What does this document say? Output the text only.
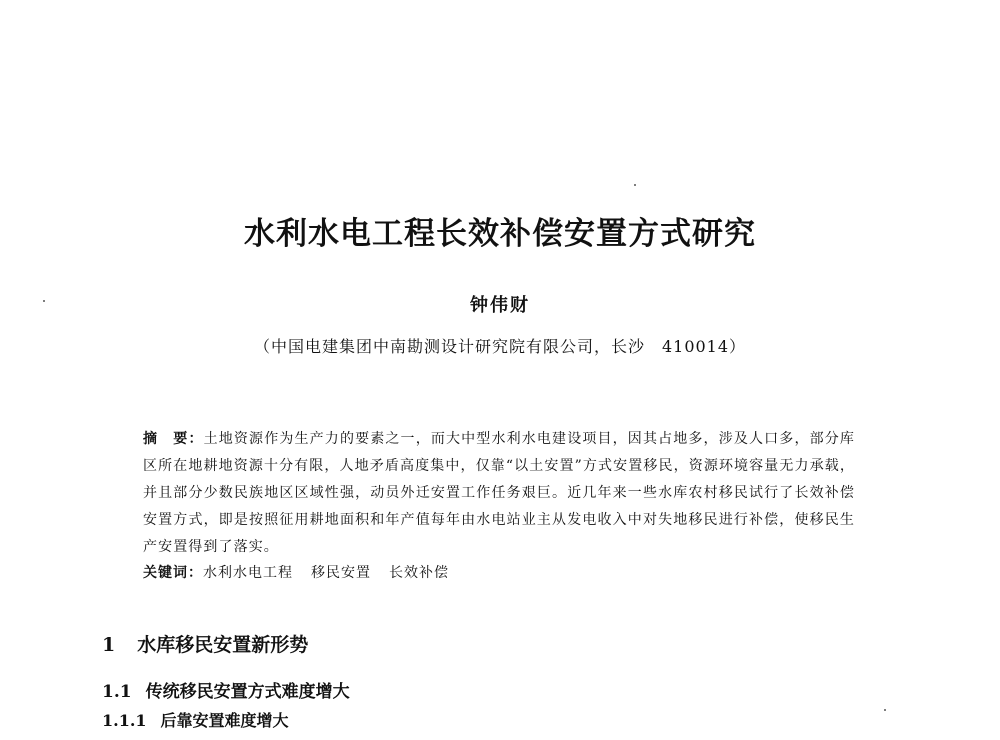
水利水电工程长效补偿安置方式研究
钟伟财
（中国电建集团中南勘测设计研究院有限公司，长沙　410014）
摘　要：土地资源作为生产力的要素之一，而大中型水利水电建设项目，因其占地多，涉及人口多，部分库区所在地耕地资源十分有限，人地矛盾高度集中，仅靠“以土安置”方式安置移民，资源环境容量无力承载，并且部分少数民族地区区域性强，动员外迁安置工作任务艰巨。近几年来一些水库农村移民试行了长效补偿安置方式，即是按照征用耕地面积和年产值每年由水电站业主从发电收入中对失地移民进行补偿，使移民生产安置得到了落实。
关键词：水利水电工程 移民安置 长效补偿
1 水库移民安置新形势
1.1 传统移民安置方式难度增大
1.1.1 后靠安置难度增大
